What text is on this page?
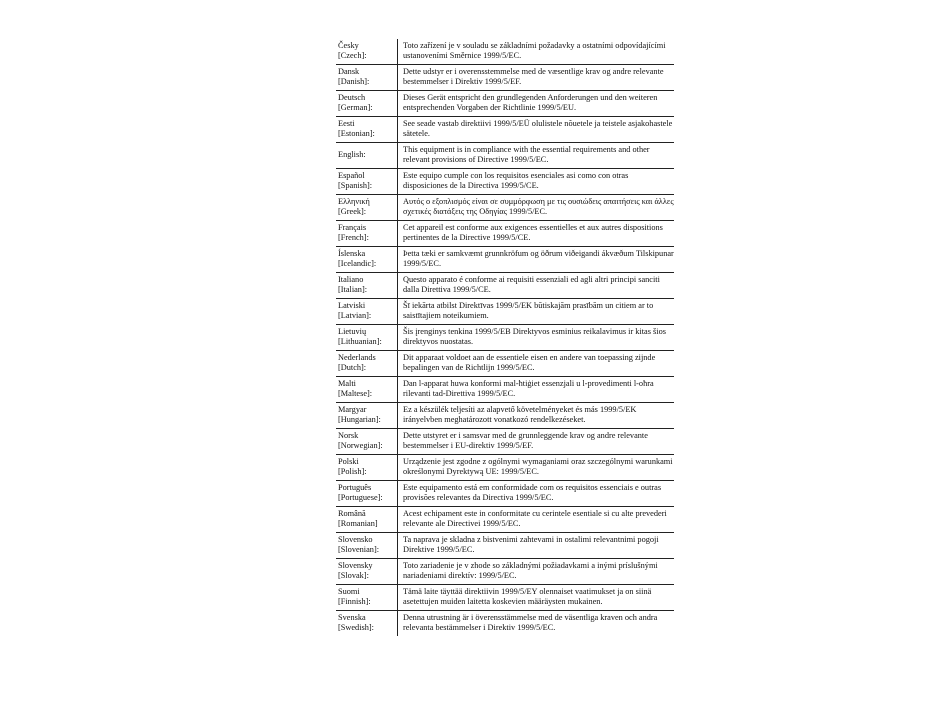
Česky
[Czech]:	Toto zařízení je v souladu se základními požadavky a ostatními odpovídajícími ustanoveními Směrnice 1999/5/EC.

Dansk
[Danish]:	Dette udstyr er i overensstemmelse med de væsentlige krav og andre relevante bestemmelser i Direktiv 1999/5/EF.

Deutsch
[German]:	Dieses Gerät entspricht den grundlegenden Anforderungen und den weiteren entsprechenden Vorgaben der Richtlinie 1999/5/EU.

Eesti
[Estonian]:	See seade vastab direktiivi 1999/5/EÜ olulistele nõuetele ja teistele asjakohastele sätetele.

English:	This equipment is in compliance with the essential requirements and other relevant provisions of Directive 1999/5/EC.

Español
[Spanish]:	Este equipo cumple con los requisitos esenciales asi como con otras disposiciones de la Directiva 1999/5/CE.

Ελληνική
[Greek]:	Αυτός ο εξοπλισμός είναι σε συμμόρφωση με τις ουσιώδεις απαιτήσεις και άλλες σχετικές διατάξεις της Οδηγίας 1999/5/EC.

Français
[French]:	Cet appareil est conforme aux exigences essentielles et aux autres dispositions pertinentes de la Directive 1999/5/CE.

Íslenska
[Icelandic]:	Þetta tæki er samkvæmt grunnkröfum og öðrum viðeigandi ákvæðum Tilskipunar 1999/5/EC.

Italiano
[Italian]:	Questo apparato é conforme ai requisiti essenziali ed agli altri principi sanciti dalla Direttiva 1999/5/CE.

Latviski
[Latvian]:	Šī iekārta atbilst Direktīvas 1999/5/EK būtiskajām prasībām un citiem ar to saistītajiem noteikumiem.

Lietuvių
[Lithuanian]:	Šis įrenginys tenkina 1999/5/EB Direktyvos esminius reikalavimus ir kitas šios direktyvos nuostatas.

Nederlands
[Dutch]:	Dit apparaat voldoet aan de essentiele eisen en andere van toepassing zijnde bepalingen van de Richtlijn 1999/5/EC.

Malti
[Maltese]:	Dan l-apparat huwa konformi mal-ħtiġiet essenzjali u l-provedimenti l-oħra rilevanti tad-Direttiva 1999/5/EC.

Margyar
[Hungarian]:	Ez a készülék teljesíti az alapvető követelményeket és más 1999/5/EK irányelvben meghatározott vonatkozó rendelkezéseket.

Norsk
[Norwegian]:	Dette utstyret er i samsvar med de grunnleggende krav og andre relevante bestemmelser i EU-direktiv 1999/5/EF.

Polski
[Polish]:	Urządzenie jest zgodne z ogólnymi wymaganiami oraz szczególnymi warunkami określonymi Dyrektywą UE: 1999/5/EC.

Português
[Portuguese]:	Este equipamento está em conformidade com os requisitos essenciais e outras provisões relevantes da Directiva 1999/5/EC.

Română
[Romanian]	Acest echipament este in conformitate cu cerintele esentiale si cu alte prevederi relevante ale Directivei 1999/5/EC.

Slovensko
[Slovenian]:	Ta naprava je skladna z bistvenimi zahtevami in ostalimi relevantnimi pogoji Direktive 1999/5/EC.

Slovensky
[Slovak]:	Toto zariadenie je v zhode so základnými požiadavkami a inými príslušnými nariadeniami direktív: 1999/5/EC.

Suomi
[Finnish]:	Tämä laite täyttää direktiivin 1999/5/EY olennaiset vaatimukset ja on siinä asetettujen muiden laitetta koskevien määräysten mukainen.

Svenska
[Swedish]:	Denna utrustning är i överensstämmelse med de väsentliga kraven och andra relevanta bestämmelser i Direktiv 1999/5/EC.
